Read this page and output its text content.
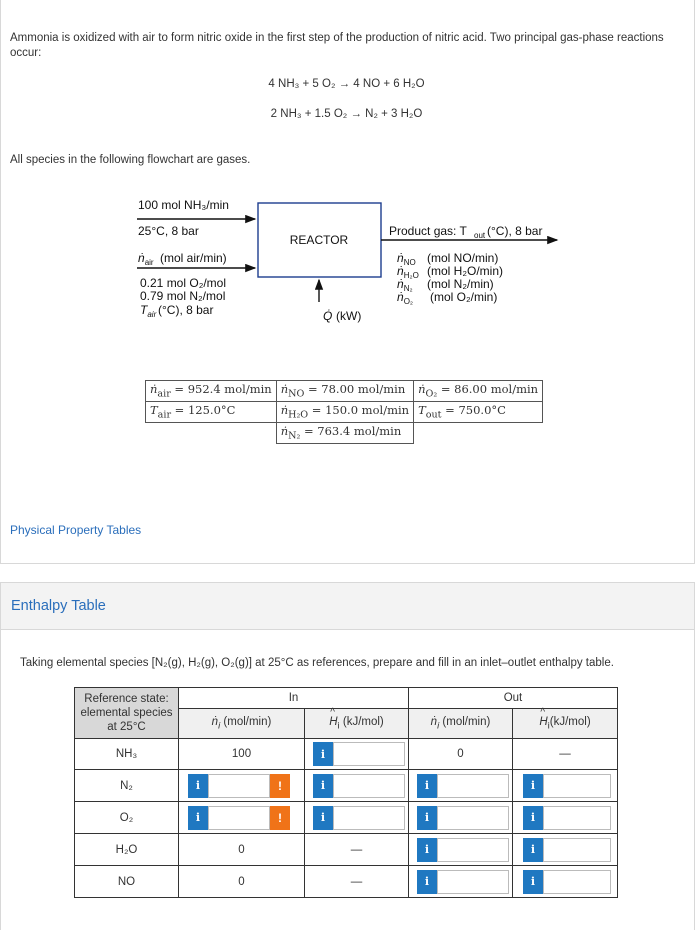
Ammonia is oxidized with air to form nitric oxide in the first step of the production of nitric acid. Two principal gas-phase reactions occur:
4 NH₃ + 5 O₂ → 4 NO + 6 H₂O
2 NH₃ + 1.5 O₂ → N₂ + 3 H₂O
All species in the following flowchart are gases.
100 mol NH₃/min
25°C, 8 bar
ṅ$_{air}$ (mol air/min)
0.21 mol O₂/mol
0.79 mol N₂/mol
$T_{air}$ (°C), 8 bar
REACTOR
Q̇ (kW)
Product gas: T out (°C), 8 bar
ṅ$_{NO}$ (mol NO/min)
ṅ$_{H_2O}$ (mol H₂O/min)
ṅ$_{N_2}$ (mol N₂/min)
ṅ$_{O_2}$ (mol O₂/min)
ṅ$_{air}$ = 952.4 mol/min	ṅ$_{NO}$ = 78.00 mol/min	ṅ$_{O_2}$ = 86.00 mol/min
$T_{air} = 125.0^\circ C$	ṅ$_{H_2O}$ = 150.0 mol/min	$T_{out} = 750.0^\circ C$
	ṅ$_{N_2}$ = 763.4 mol/min	
Physical Property Tables
Enthalpy Table
Taking elemental species [N₂(g), H₂(g), O₂(g)] at 25°C as references, prepare and fill in an inlet–outlet enthalpy table.
Reference state: elemental species at 25°C	In		Out	
	ṅ$_i$ (mol/min)	^ $H_i$ (kJ/mol)	ṅ$_i$ (mol/min)	^ $H_i(kJ/mol)$
NH₃	100	i	0	—
N₂	i !	i	i	i

O₂	i !	i	i	i

H₂O	0	—	i	i

NO	0	—	i	i
